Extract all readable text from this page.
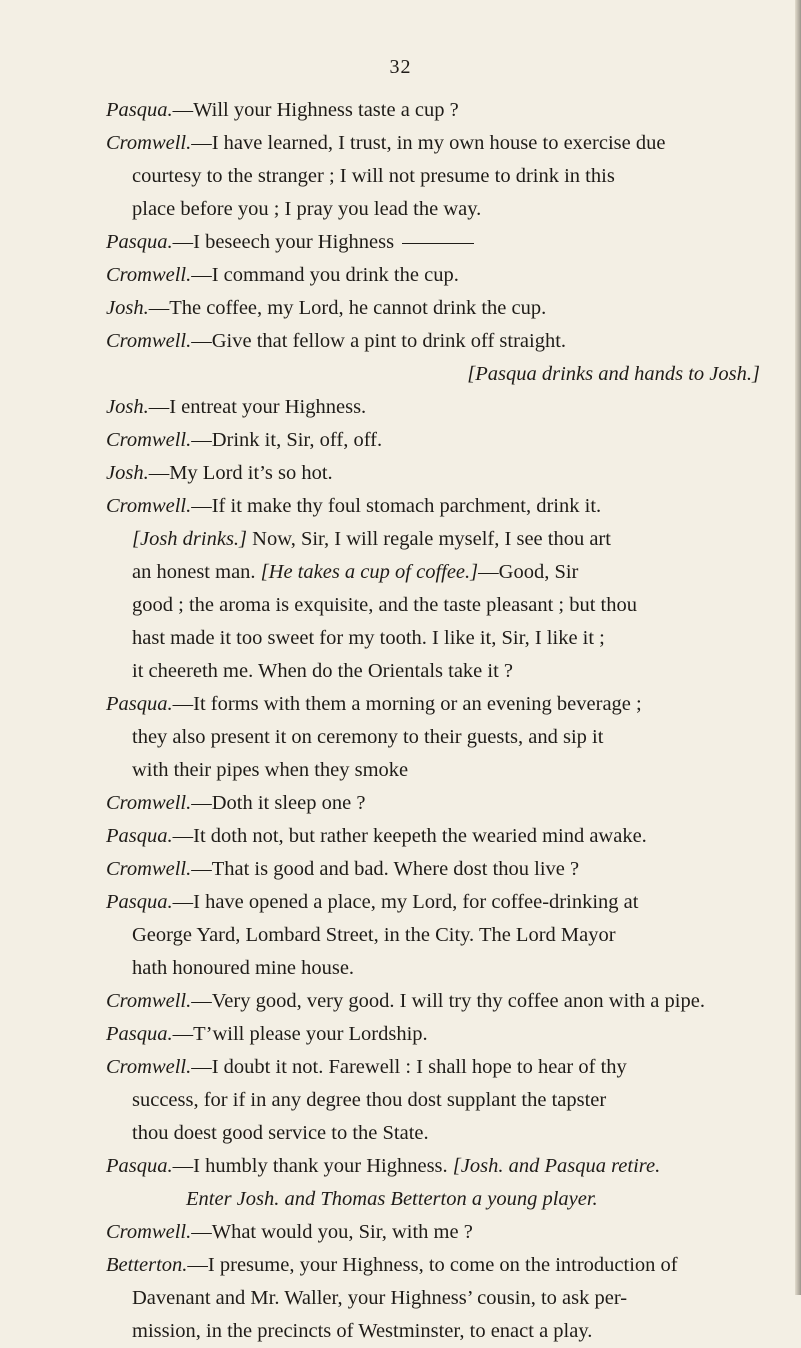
32
Pasqua.—Will your Highness taste a cup ?
Cromwell.—I have learned, I trust, in my own house to exercise due
courtesy to the stranger ; I will not presume to drink in this
place before you ; I pray you lead the way.
Pasqua.—I beseech your Highness
Cromwell.—I command you drink the cup.
Josh.—The coffee, my Lord, he cannot drink the cup.
Cromwell.—Give that fellow a pint to drink off straight.
[Pasqua drinks and hands to Josh.]
Josh.—I entreat your Highness.
Cromwell.—Drink it, Sir, off, off.
Josh.—My Lord it’s so hot.
Cromwell.—If it make thy foul stomach parchment, drink it.
[Josh drinks.] Now, Sir, I will regale myself, I see thou art
an honest man. [He takes a cup of coffee.]—Good, Sir
good ; the aroma is exquisite, and the taste pleasant ; but thou
hast made it too sweet for my tooth. I like it, Sir, I like it ;
it cheereth me. When do the Orientals take it ?
Pasqua.—It forms with them a morning or an evening beverage ;
they also present it on ceremony to their guests, and sip it
with their pipes when they smoke
Cromwell.—Doth it sleep one ?
Pasqua.—It doth not, but rather keepeth the wearied mind awake.
Cromwell.—That is good and bad. Where dost thou live ?
Pasqua.—I have opened a place, my Lord, for coffee-drinking at
George Yard, Lombard Street, in the City. The Lord Mayor
hath honoured mine house.
Cromwell.—Very good, very good. I will try thy coffee anon with a pipe.
Pasqua.—T’will please your Lordship.
Cromwell.—I doubt it not. Farewell : I shall hope to hear of thy
success, for if in any degree thou dost supplant the tapster
thou doest good service to the State.
Pasqua.—I humbly thank your Highness. [Josh. and Pasqua retire.
Enter Josh. and Thomas Betterton a young player.
Cromwell.—What would you, Sir, with me ?
Betterton.—I presume, your Highness, to come on the introduction of
Davenant and Mr. Waller, your Highness’ cousin, to ask per-
mission, in the precincts of Westminster, to enact a play.
